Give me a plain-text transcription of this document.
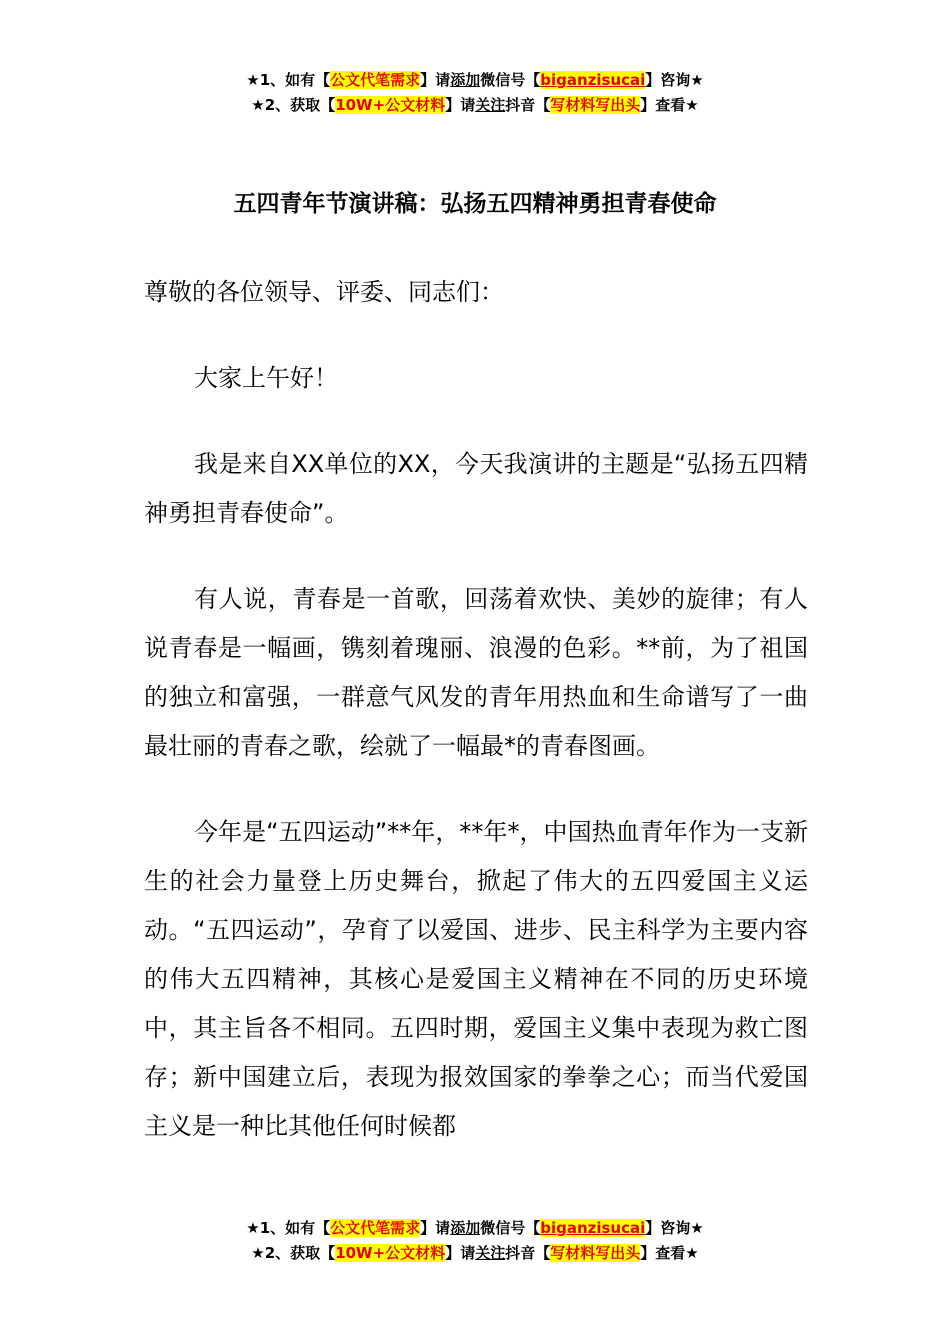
★1、如有【公文代笔需求】请添加微信号【biganzisucai】咨询★
★2、获取【10W+公文材料】请关注抖音【写材料写出头】查看★
五四青年节演讲稿：弘扬五四精神勇担青春使命

尊敬的各位领导、评委、同志们：

大家上午好！

我是来自XX单位的XX，今天我演讲的主题是“弘扬五四精神勇担青春使命”。

有人说，青春是一首歌，回荡着欢快、美妙的旋律；有人说青春是一幅画，镌刻着瑰丽、浪漫的色彩。**前，为了祖国的独立和富强，一群意气风发的青年用热血和生命谱写了一曲最壮丽的青春之歌，绘就了一幅最*的青春图画。

今年是“五四运动”**年，**年*，中国热血青年作为一支新生的社会力量登上历史舞台，掀起了伟大的五四爱国主义运动。“五四运动”，孕育了以爱国、进步、民主科学为主要内容的伟大五四精神，其核心是爱国主义精神在不同的历史环境中，其主旨各不相同。五四时期，爱国主义集中表现为救亡图存；新中国建立后，表现为报效国家的拳拳之心；而当代爱国主义是一种比其他任何时候都

★1、如有【公文代笔需求】请添加微信号【biganzisucai】咨询★
★2、获取【10W+公文材料】请关注抖音【写材料写出头】查看★
